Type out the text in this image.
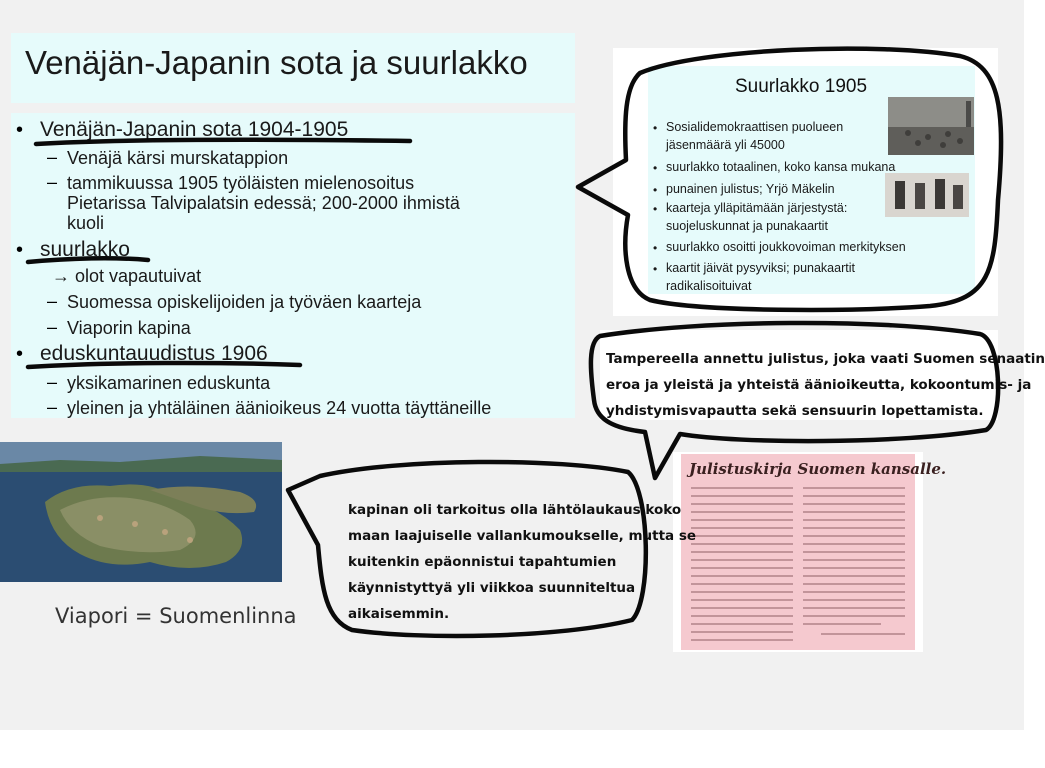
Venäjän-Japanin sota ja suurlakko
• Venäjän-Japanin sota 1904-1905
– Venäjä kärsi murskatappion
– tammikuussa 1905 työläisten mielenosoitus
Pietarissa Talvipalatsin edessä; 200-2000 ihmistä
kuoli
• suurlakko
→ olot vapautuivat
– Suomessa opiskelijoiden ja työväen kaarteja
– Viaporin kapina
• eduskuntauudistus 1906
– yksikamarinen eduskunta
– yleinen ja yhtäläinen äänioikeus 24 vuotta täyttäneille
Suurlakko 1905
• Sosialidemokraattisen puolueen
jäsenmäärä yli 45000
• suurlakko totaalinen, koko kansa mukana
• punainen julistus; Yrjö Mäkelin
• kaarteja ylläpitämään järjestystä:
suojeluskunnat ja punakaartit
• suurlakko osoitti joukkovoiman merkityksen
• kaartit jäivät pysyviksi; punakaartit
radikalisoituivat
Tampereella annettu julistus, joka vaati Suomen senaatin
eroa ja yleistä ja yhteistä äänioikeutta, kokoontumis- ja
yhdistymisvapautta sekä sensuurin lopettamista.
Julistuskirja Suomen kansalle.
Viapori = Suomenlinna
kapinan oli tarkoitus olla lähtölaukaus koko
maan laajuiselle vallankumoukselle, mutta se
kuitenkin epäonnistui tapahtumien
käynnistyttyä yli viikkoa suunniteltua
aikaisemmin.
